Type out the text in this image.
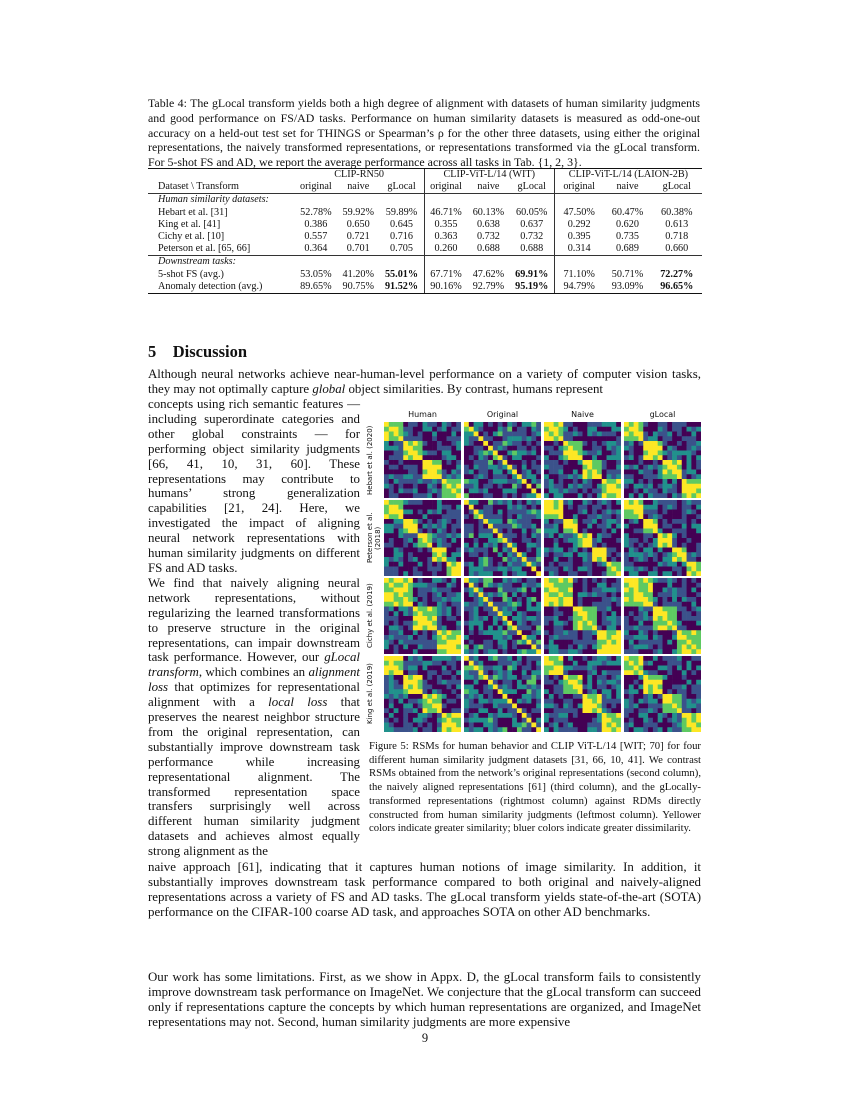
Table 4: The gLocal transform yields both a high degree of alignment with datasets of human similarity judgments and good performance on FS/AD tasks. Performance on human similarity datasets is measured as odd-one-out accuracy on a held-out test set for THINGS or Spearman’s ρ for the other three datasets, using either the original representations, the naively transformed representations, or representations transformed via the gLocal transform. For 5-shot FS and AD, we report the average performance across all tasks in Tab. {1, 2, 3}.
	CLIP-RN50			CLIP-ViT-L/14 (WIT)			CLIP-ViT-L/14 (LAION-2B)		
Dataset \ Transform	original	naive	gLocal	original	naive	gLocal	original	naive	gLocal
Human similarity datasets:									
Hebart et al. [31]	52.78%	59.92%	59.89%	46.71%	60.13%	60.05%	47.50%	60.47%	60.38%
King et al. [41]	0.386	0.650	0.645	0.355	0.638	0.637	0.292	0.620	0.613
Cichy et al. [10]	0.557	0.721	0.716	0.363	0.732	0.732	0.395	0.735	0.718
Peterson et al. [65, 66]	0.364	0.701	0.705	0.260	0.688	0.688	0.314	0.689	0.660
Downstream tasks:									
5-shot FS (avg.)	53.05%	41.20%	55.01%	67.71%	47.62%	69.91%	71.10%	50.71%	72.27%
Anomaly detection (avg.)	89.65%	90.75%	91.52%	90.16%	92.79%	95.19%	94.79%	93.09%	96.65%
5 Discussion
Although neural networks achieve near-human-level performance on a variety of computer vision tasks, they may not optimally capture global object similarities. By contrast, humans represent

concepts using rich semantic features — including superordinate categories and other global constraints — for performing object similarity judgments [66, 41, 10, 31, 60]. These representations may contribute to humans’ strong generalization capabilities [21, 24]. Here, we investigated the impact of aligning neural network representations with human similarity judgments on different FS and AD tasks.

We find that naively aligning neural network representations, without regularizing the learned transformations to preserve structure in the original representations, can impair downstream task performance. However, our gLocal transform, which combines an alignment loss that optimizes for representational alignment with a local loss that preserves the nearest neighbor structure from the original representation, can substantially improve downstream task performance while increasing representational alignment. The transformed representation space transfers surprisingly well across different human similarity judgment datasets and achieves almost equally strong alignment as the

Human	Original	Naive	gLocal
Hebart et al. (2020)
Peterson et al. (2018)
Cichy et al. (2019)
King et al. (2019)
Figure 5: RSMs for human behavior and CLIP ViT-L/14 [WIT; 70] for four different human similarity judgment datasets [31, 66, 10, 41]. We contrast RSMs obtained from the network’s original representations (second column), the naively aligned representations [61] (third column), and the gLocally-transformed representations (rightmost column) against RDMs directly constructed from human similarity judgments (leftmost column). Yellower colors indicate greater similarity; bluer colors indicate greater dissimilarity.
naive approach [61], indicating that it captures human notions of image similarity. In addition, it substantially improves downstream task performance compared to both original and naively-aligned representations across a variety of FS and AD tasks. The gLocal transform yields state-of-the-art (SOTA) performance on the CIFAR-100 coarse AD task, and approaches SOTA on other AD benchmarks.
Our work has some limitations. First, as we show in Appx. D, the gLocal transform fails to consistently improve downstream task performance on ImageNet. We conjecture that the gLocal transform can succeed only if representations capture the concepts by which human representations are organized, and ImageNet representations may not. Second, human similarity judgments are more expensive
9
